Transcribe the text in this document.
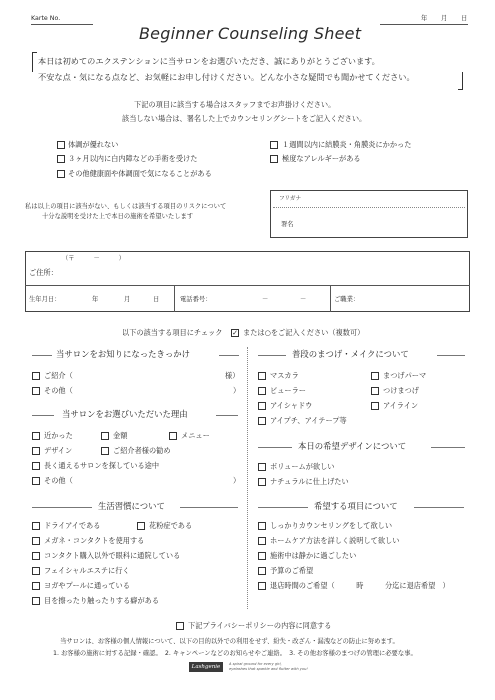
Karte No.	年 月 日
Beginner Counseling Sheet
本日は初めてのエクステンションに当サロンをお選びいただき、誠にありがとうございます。
不安な点・気になる点など、お気軽にお申し付けください。どんな小さな疑問でも聞かせてください。
下記の項目に該当する場合はスタッフまでお声掛けください。
該当しない場合は、署名した上でカウンセリングシートをご記入ください。
体調が優れない
３ヶ月以内に白内障などの手術を受けた
その他健康面や体調面で気になることがある
１週間以内に結膜炎・角膜炎にかかった
極度なアレルギーがある
私は以上の項目に該当がない、もしくは該当する項目のリスクについて
十分な説明を受けた上で本日の施術を希望いたします
フリガナ
署名
（〒　　　－　　　）
ご住所：
生年月日：	年	月	日	電話番号：	－	－	ご職業：
以下の該当する項目にチェック ✓ または○をご記入ください（複数可）
当サロンをお知りになったきっかけ
ご紹介（	様）
その他（	）
当サロンをお選びいただいた理由
近かった	金額	メニュー
デザイン	ご紹介者様の勧め
長く通えるサロンを探している途中
その他（	）
生活習慣について
ドライアイである	花粉症である
メガネ・コンタクトを使用する
コンタクト購入以外で眼科に通院している
フェイシャルエステに行く
ヨガやプールに通っている
目を擦ったり触ったりする癖がある
普段のまつげ・メイクについて
マスカラ
ビューラー
アイシャドウ
まつげパーマ
つけまつげ
アイライン
アイプチ、アイテープ等
本日の希望デザインについて
ボリュームが欲しい
ナチュラルに仕上げたい
希望する項目について
しっかりカウンセリングをして欲しい
ホームケア方法を詳しく説明して欲しい
施術中は静かに過ごしたい
予算のご希望
退店時間のご希望（　　　時　　　分迄に退店希望　）
下記プライバシーポリシーの内容に同意する
当サロンは、お客様の個人情報について、以下の目的以外での利用をせず、紛失・改ざん・漏洩などの防止に努めます。
1. お客様の施術に対する記録・確認。　2. キャンペーンなどのお知らせやご連絡。　3. その他お客様のまつげの管理に必要な事。
Lashgenie	A spiral ground for every girl,
eyelashes that sparkle and flutter with you!
